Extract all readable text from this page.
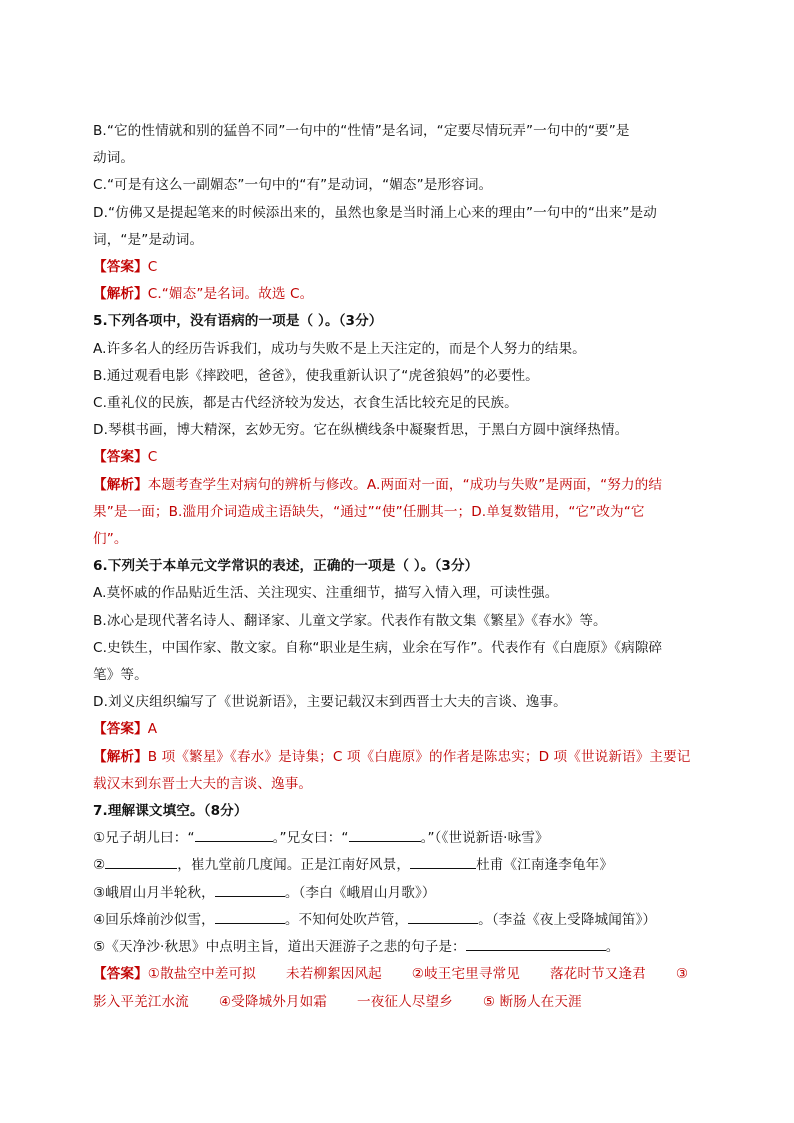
B.“它的性情就和别的猛兽不同”一句中的“性情”是名词，“定要尽情玩弄”一句中的“要”是
动词。
C.“可是有这么一副媚态”一句中的“有”是动词，“媚态”是形容词。
D.“仿佛又是提起笔来的时候添出来的，虽然也象是当时涌上心来的理由”一句中的“出来”是动
词，“是”是动词。
【答案】C
【解析】C.“媚态”是名词。故选 C。
5.下列各项中，没有语病的一项是（ ）。（3分）
A.许多名人的经历告诉我们，成功与失败不是上天注定的，而是个人努力的结果。
B.通过观看电影《摔跤吧，爸爸》，使我重新认识了“虎爸狼妈”的必要性。
C.重礼仪的民族，都是古代经济较为发达，衣食生活比较充足的民族。
D.琴棋书画，博大精深，玄妙无穷。它在纵横线条中凝聚哲思，于黑白方圆中演绎热情。
【答案】C
【解析】本题考查学生对病句的辨析与修改。A.两面对一面，“成功与失败”是两面，“努力的结
果”是一面；B.滥用介词造成主语缺失，“通过”“使”任删其一；D.单复数错用，“它”改为“它
们”。
6.下列关于本单元文学常识的表述，正确的一项是（ ）。（3分）
A.莫怀戚的作品贴近生活、关注现实、注重细节，描写入情入理，可读性强。
B.冰心是现代著名诗人、翻译家、儿童文学家。代表作有散文集《繁星》《春水》等。
C.史铁生，中国作家、散文家。自称“职业是生病，业余在写作”。代表作有《白鹿原》《病隙碎
笔》等。
D.刘义庆组织编写了《世说新语》，主要记载汉末到西晋士大夫的言谈、逸事。
【答案】A
【解析】B 项《繁星》《春水》是诗集；C 项《白鹿原》的作者是陈忠实；D 项《世说新语》主要记
载汉末到东晋士大夫的言谈、逸事。
7.理解课文填空。（8分）
①兄子胡儿曰：“	。”兄女曰：“	。”（《世说新语·咏雪》
②	，崔九堂前几度闻。正是江南好风景，	杜甫《江南逢李龟年》
③峨眉山月半轮秋，	。（李白《峨眉山月歌》）
④回乐烽前沙似雪，	。不知何处吹芦管，	。（李益《夜上受降城闻笛》）
⑤《天净沙·秋思》中点明主旨，道出天涯游子之悲的句子是：	。
【答案】①散盐空中差可拟 未若柳絮因风起 ②岐王宅里寻常见 落花时节又逢君 ③
影入平羌江水流 ④受降城外月如霜 一夜征人尽望乡 ⑤ 断肠人在天涯
